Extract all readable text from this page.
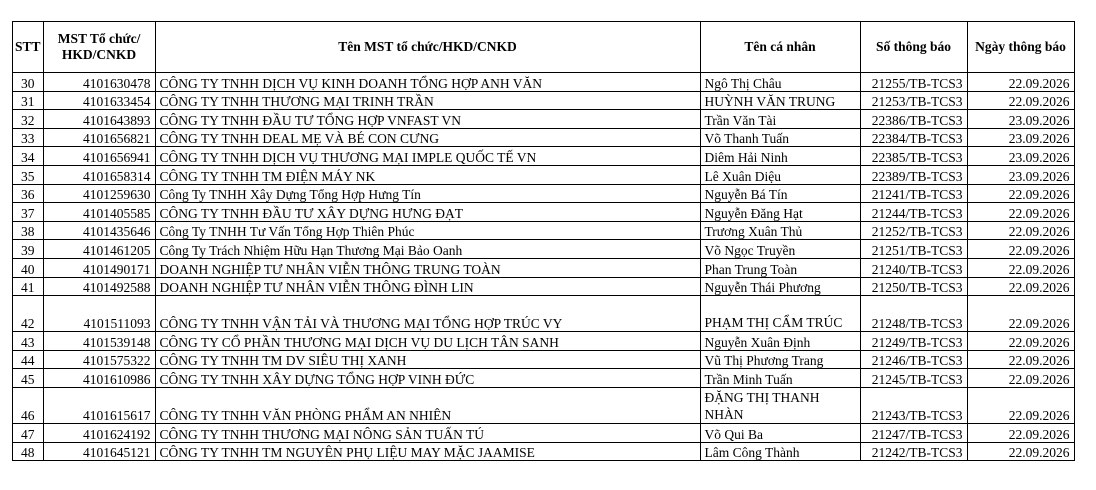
STT	MST Tổ chức/ HKD/CNKD	Tên MST tổ chức/HKD/CNKD	Tên cá nhân	Số thông báo	Ngày thông báo
30	4101630478	CÔNG TY TNHH DỊCH VỤ KINH DOANH TỔNG HỢP ANH VĂN	Ngô Thị Châu	21255/TB-TCS3	22.09.2026
31	4101633454	CÔNG TY TNHH THƯƠNG MẠI TRINH TRẦN	HUỲNH VĂN TRUNG	21253/TB-TCS3	22.09.2026
32	4101643893	CÔNG TY TNHH ĐẦU TƯ TỔNG HỢP VNFAST VN	Trần Văn Tài	22386/TB-TCS3	23.09.2026
33	4101656821	CÔNG TY TNHH DEAL MẸ VÀ BÉ CON CƯNG	Võ Thanh Tuấn	22384/TB-TCS3	23.09.2026
34	4101656941	CÔNG TY TNHH DỊCH VỤ THƯƠNG MẠI IMPLE QUỐC TẾ VN	Diêm Hải Ninh	22385/TB-TCS3	23.09.2026
35	4101658314	CÔNG TY TNHH TM ĐIỆN MÁY NK	Lê Xuân Diệu	22389/TB-TCS3	23.09.2026
36	4101259630	Công Ty TNHH Xây Dựng Tổng Hợp Hưng Tín	Nguyễn Bá Tín	21241/TB-TCS3	22.09.2026
37	4101405585	CÔNG TY TNHH ĐẦU TƯ XÂY DỰNG HƯNG ĐẠT	Nguyễn Đăng Hạt	21244/TB-TCS3	22.09.2026
38	4101435646	Công Ty TNHH Tư Vấn Tổng Hợp Thiên Phúc	Trương Xuân Thủ	21252/TB-TCS3	22.09.2026
39	4101461205	Công Ty Trách Nhiệm Hữu Hạn Thương Mại Bảo Oanh	Võ Ngọc Truyền	21251/TB-TCS3	22.09.2026
40	4101490171	DOANH NGHIỆP TƯ NHÂN VIỄN THÔNG TRUNG TOÀN	Phan Trung Toàn	21240/TB-TCS3	22.09.2026
41	4101492588	DOANH NGHIỆP TƯ NHÂN VIỄN THÔNG ĐÌNH LIN	Nguyễn Thái Phương	21250/TB-TCS3	22.09.2026
42	4101511093	CÔNG TY TNHH VẬN TẢI VÀ THƯƠNG MẠI TỔNG HỢP TRÚC VY	PHẠM THỊ CẨM TRÚC	21248/TB-TCS3	22.09.2026
43	4101539148	CÔNG TY CỔ PHẦN THƯƠNG MẠI DỊCH VỤ DU LỊCH TÂN SANH	Nguyễn Xuân Định	21249/TB-TCS3	22.09.2026
44	4101575322	CÔNG TY TNHH TM DV SIÊU THỊ XANH	Vũ Thị Phương Trang	21246/TB-TCS3	22.09.2026
45	4101610986	CÔNG TY TNHH XÂY DỰNG TỔNG HỢP VINH ĐỨC	Trần Minh Tuấn	21245/TB-TCS3	22.09.2026
46	4101615617	CÔNG TY TNHH VĂN PHÒNG PHẨM AN NHIÊN	ĐẶNG THỊ THANH NHÀN	21243/TB-TCS3	22.09.2026
47	4101624192	CÔNG TY TNHH THƯƠNG MẠI NÔNG SẢN TUẤN TÚ	Võ Qui Ba	21247/TB-TCS3	22.09.2026
48	4101645121	CÔNG TY TNHH TM NGUYÊN PHỤ LIỆU MAY MẶC JAAMISE	Lâm Công Thành	21242/TB-TCS3	22.09.2026
